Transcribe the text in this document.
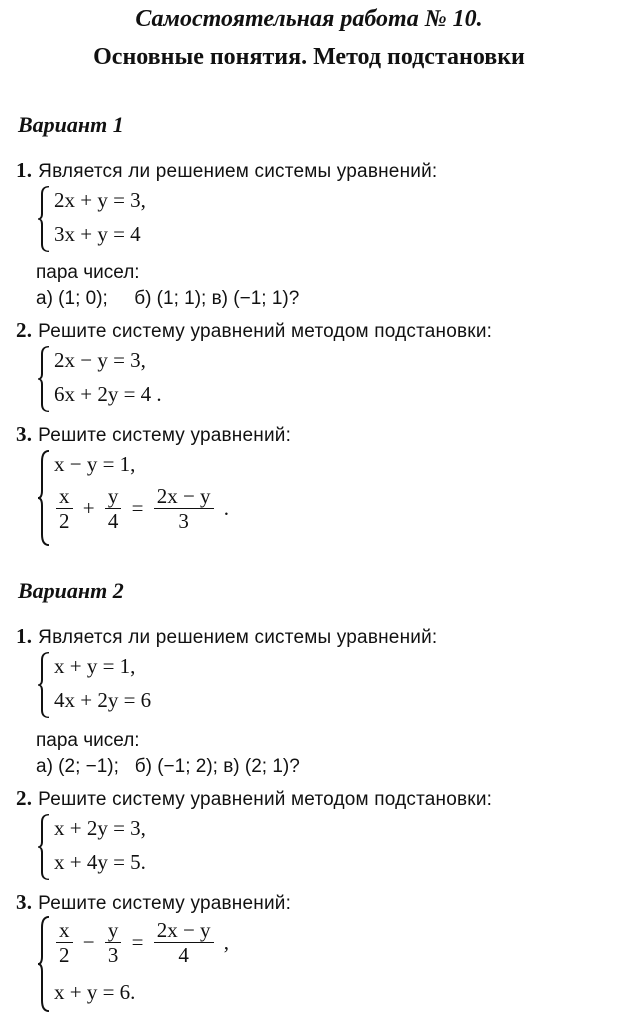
Самостоятельная работа № 10.
Основные понятия. Метод подстановки
Вариант 1
1. Является ли решением системы уравнений:
2x + y = 3,
3x + y = 4
пара чисел:
а) (1; 0);     б) (1; 1); в) (−1; 1)?
2. Решите систему уравнений методом подстановки:
2x − y = 3,
6x + 2y = 4 .
3. Решите систему уравнений:
x − y = 1,
$\frac{x}{2} + \frac{y}{4} = \frac{2x - y}{3}$ .
Вариант 2
1. Является ли решением системы уравнений:
x + y = 1,
4x + 2y = 6
пара чисел:
а) (2; −1);   б) (−1; 2); в) (2; 1)?
2. Решите систему уравнений методом подстановки:
x + 2y = 3,
x + 4y = 5.
3. Решите систему уравнений:
$\frac{x}{2} - \frac{y}{3} = \frac{2x - y}{4}$ ,
x + y = 6.
